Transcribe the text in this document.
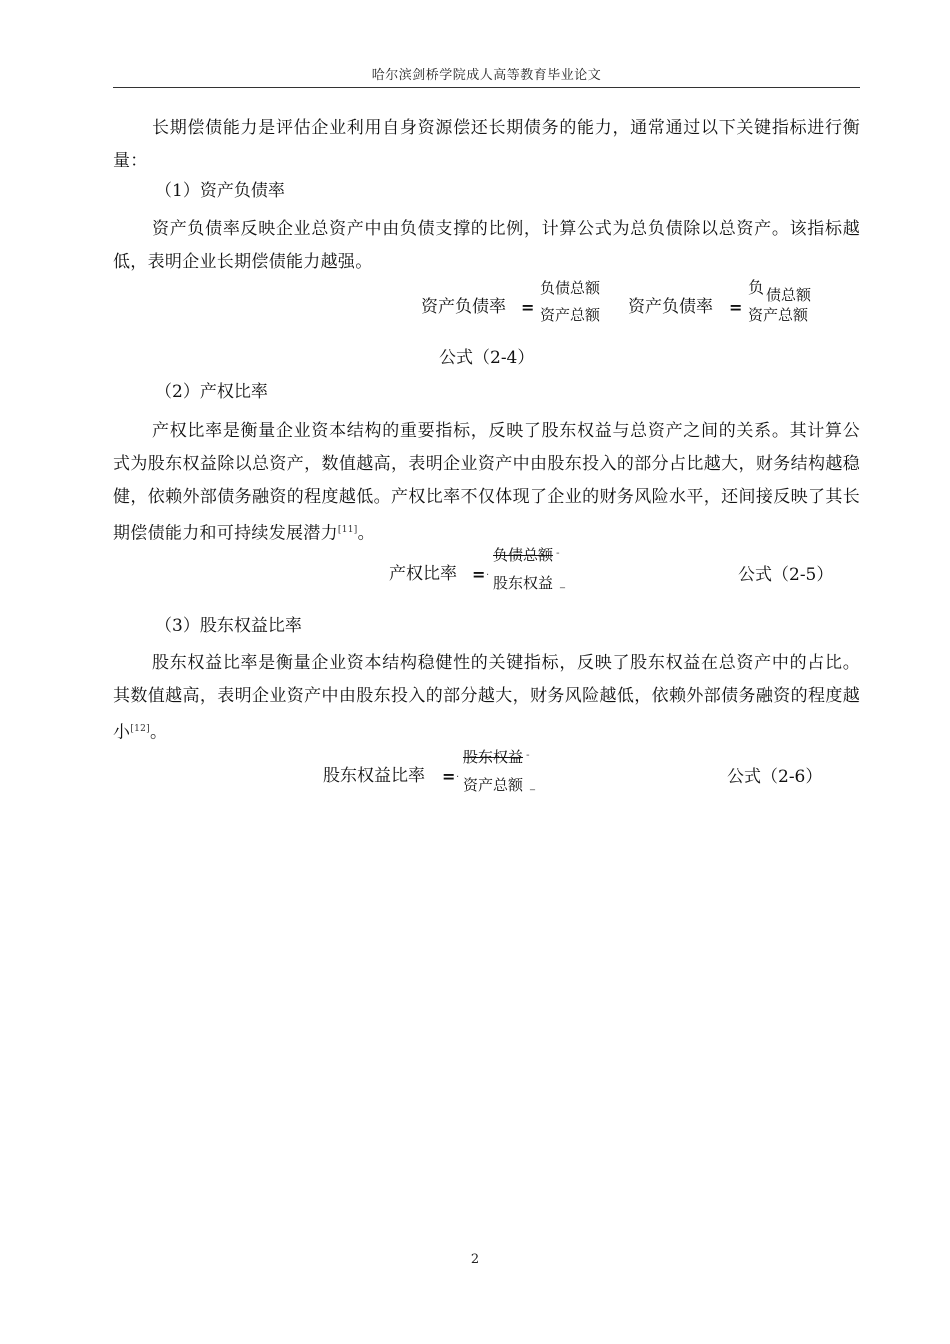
哈尔滨剑桥学院成人高等教育毕业论文

长期偿债能力是评估企业利用自身资源偿还长期债务的能力，通常通过以下关键指标进行衡量：

（1）资产负债率

资产负债率反映企业总资产中由负债支撑的比例，计算公式为总负债除以总资产。该指标越低，表明企业长期偿债能力越强。

资产负债率 =
负债总额
资产总额 资产负债率 =
负 债总额
资产总额
公式（2-4）

（2）产权比率

产权比率是衡量企业资本结构的重要指标，反映了股东权益与总资产之间的关系。其计算公式为股东权益除以总资产，数值越高，表明企业资产中由股东投入的部分占比越大，财务结构越稳健，依赖外部债务融资的程度越低。产权比率不仅体现了企业的财务风险水平，还间接反映了其长期偿债能力和可持续发展潜力[11]。

产权比率 = ·
负债总额 -
股东权益 _	公式（2-5）

（3）股东权益比率

股东权益比率是衡量企业资本结构稳健性的关键指标，反映了股东权益在总资产中的占比。其数值越高，表明企业资产中由股东投入的部分越大，财务风险越低，依赖外部债务融资的程度越小[12]。

股东权益比率 = ·
股东权益 -
资产总额 _	公式（2-6）
2
